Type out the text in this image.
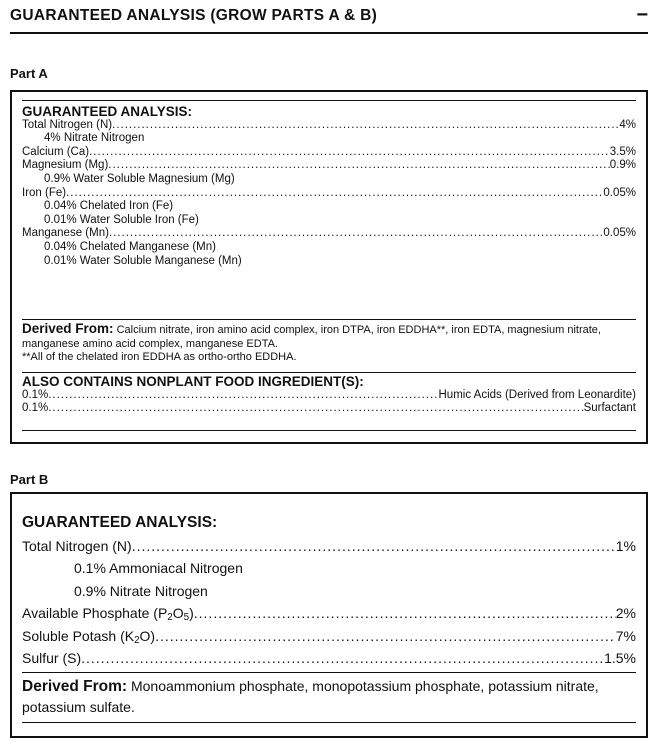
GUARANTEED ANALYSIS (GROW PARTS A & B)	−
Part A
GUARANTEED ANALYSIS:
Total Nitrogen (N) .....	4%
4% Nitrate Nitrogen
Calcium (Ca) .....	3.5%
Magnesium (Mg) .....	0.9%
0.9% Water Soluble Magnesium (Mg)
Iron (Fe) .....	0.05%
0.04% Chelated Iron (Fe)
0.01% Water Soluble Iron (Fe)
Manganese (Mn) .....	0.05%
0.04% Chelated Manganese (Mn)
0.01% Water Soluble Manganese (Mn)
Derived From: Calcium nitrate, iron amino acid complex, iron DTPA, iron EDDHA**, iron EDTA, magnesium nitrate, manganese amino acid complex, manganese EDTA.
**All of the chelated iron EDDHA as ortho-ortho EDDHA.
ALSO CONTAINS NONPLANT FOOD INGREDIENT(S):
0.1% .....	Humic Acids (Derived from Leonardite)
0.1% .....	Surfactant
Part B
GUARANTEED ANALYSIS:
Total Nitrogen (N) .....	1%
0.1% Ammoniacal Nitrogen
0.9% Nitrate Nitrogen
Available Phosphate $(P_2O_5)$ .....	2%
Soluble Potash $(K_2O)$ .....	7%
Sulfur (S) .....	1.5%
Derived From: Monoammonium phosphate, monopotassium phosphate, potassium nitrate, potassium sulfate.
